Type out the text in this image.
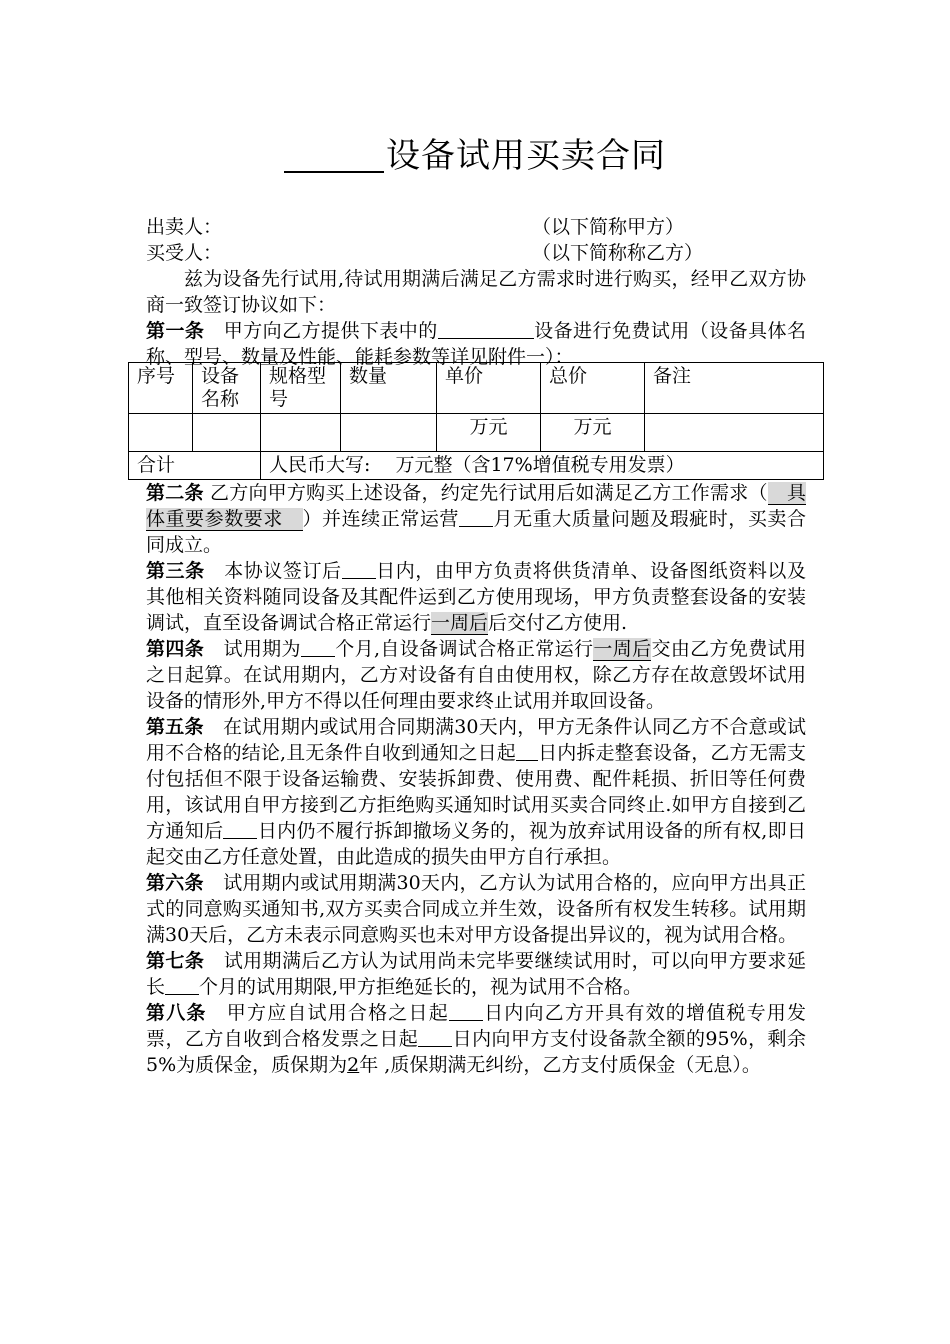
设备试用买卖合同
出卖人：	（以下简称甲方）
买受人：	（以下简称称乙方）

兹为设备先行试用,待试用期满后满足乙方需求时进行购买，经甲乙双方协商一致签订协议如下：

第一条　甲方向乙方提供下表中的	设备进行免费试用（设备具体名称、型号、数量及性能、能耗参数等详见附件一）：

序号	设备名称	规格型号	数量	单价	总价	备注
				万元	万元	
合计		人民币大写:　 万元整（含17%增值税专用发票）				

第二条 乙方向甲方购买上述设备，约定先行试用后如满足乙方工作需求（　具体重要参数要求　）并连续正常运营 月无重大质量问题及瑕疵时，买卖合同成立。

第三条　本协议签订后 日内，由甲方负责将供货清单、设备图纸资料以及其他相关资料随同设备及其配件运到乙方使用现场，甲方负责整套设备的安装调试，直至设备调试合格正常运行一周后后交付乙方使用.

第四条　试用期为 个月,自设备调试合格正常运行一周后交由乙方免费试用之日起算。在试用期内，乙方对设备有自由使用权，除乙方存在故意毁坏试用设备的情形外,甲方不得以任何理由要求终止试用并取回设备。

第五条　在试用期内或试用合同期满30天内，甲方无条件认同乙方不合意或试用不合格的结论,且无条件自收到通知之日起 日内拆走整套设备，乙方无需支付包括但不限于设备运输费、安装拆卸费、使用费、配件耗损、折旧等任何费用，该试用自甲方接到乙方拒绝购买通知时试用买卖合同终止.如甲方自接到乙方通知后 日内仍不履行拆卸撤场义务的，视为放弃试用设备的所有权,即日起交由乙方任意处置，由此造成的损失由甲方自行承担。

第六条　试用期内或试用期满30天内，乙方认为试用合格的，应向甲方出具正式的同意购买通知书,双方买卖合同成立并生效，设备所有权发生转移。试用期满30天后，乙方未表示同意购买也未对甲方设备提出异议的，视为试用合格。

第七条　试用期满后乙方认为试用尚未完毕要继续试用时，可以向甲方要求延长 个月的试用期限,甲方拒绝延长的，视为试用不合格。

第八条　甲方应自试用合格之日起 日内向乙方开具有效的增值税专用发票，乙方自收到合格发票之日起 日内向甲方支付设备款全额的95%，剩余5%为质保金，质保期为2年 ,质保期满无纠纷，乙方支付质保金（无息）。
